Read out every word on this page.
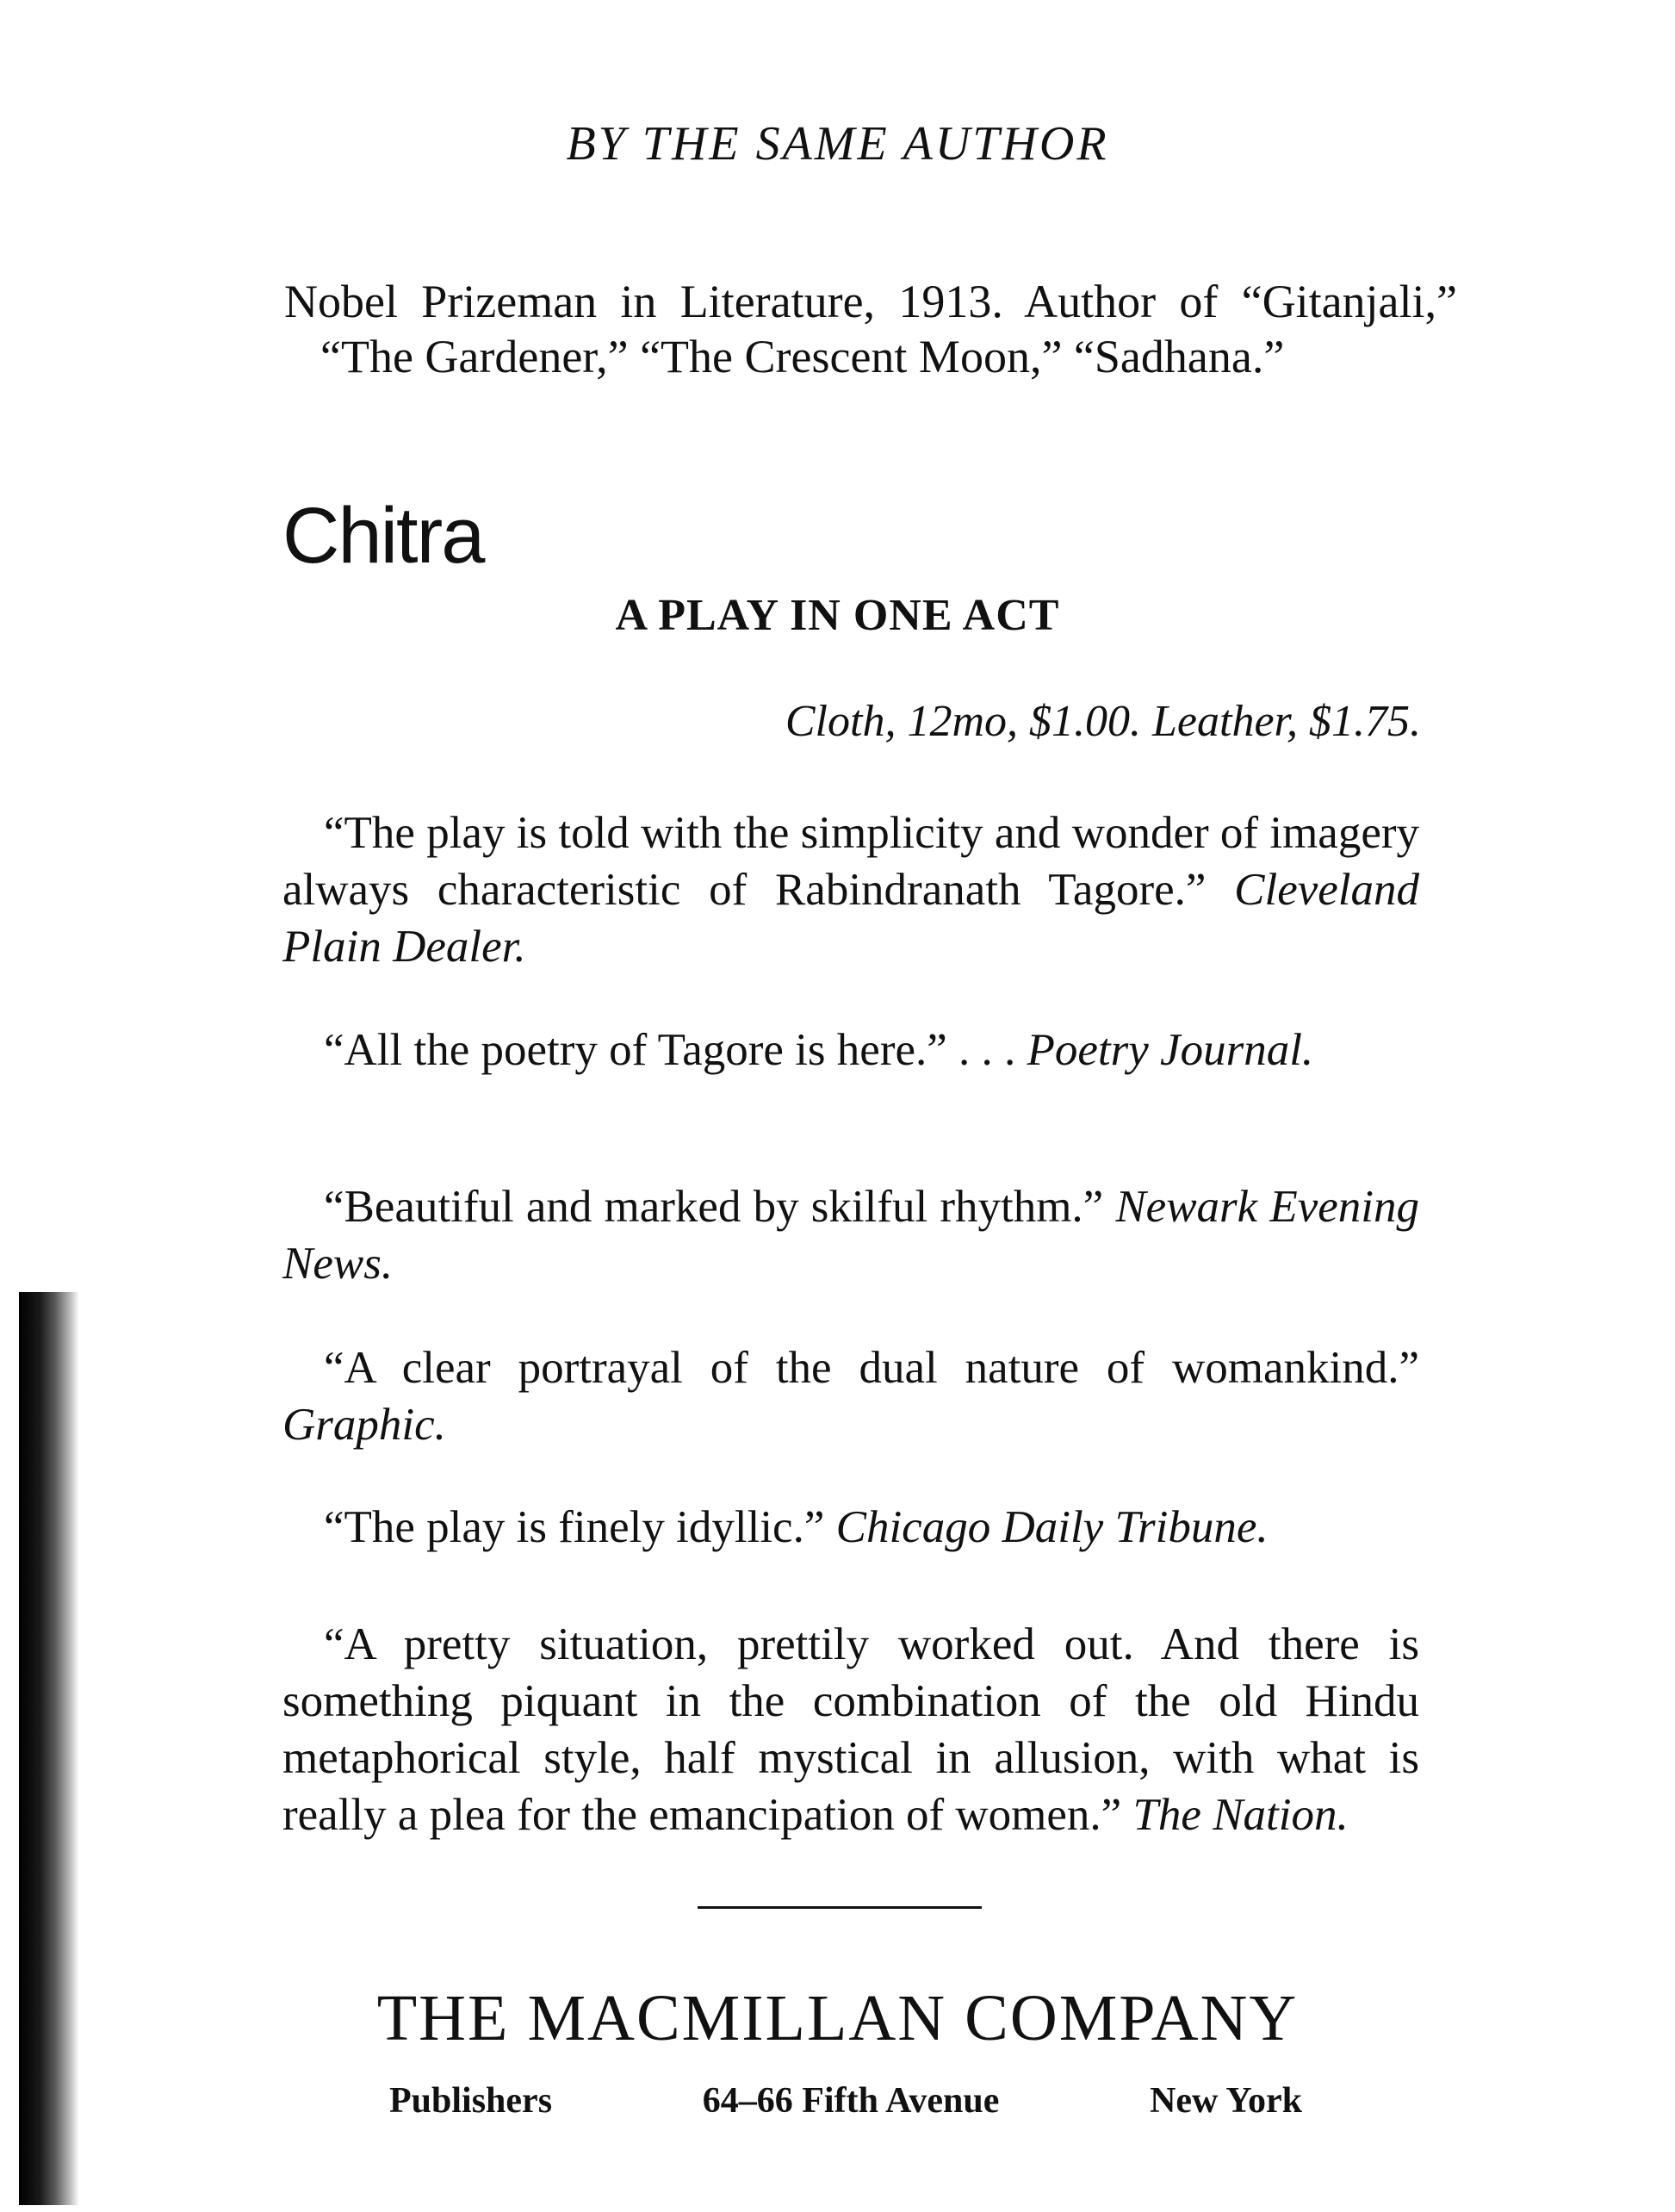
BY THE SAME AUTHOR
Nobel Prizeman in Literature, 1913. Author of “Gitanjali,” “The Gardener,” “The Crescent Moon,” “Sadhana.”
Chitra
A PLAY IN ONE ACT
Cloth, 12mo, $1.00. Leather, $1.75.

“The play is told with the simplicity and wonder of imagery always characteristic of Rabindranath Tagore.” Cleveland Plain Dealer.

“All the poetry of Tagore is here.” . . . Poetry Journal.

“Beautiful and marked by skilful rhythm.” Newark Evening News.

“A clear portrayal of the dual nature of womankind.” Graphic.

“The play is finely idyllic.” Chicago Daily Tribune.

“A pretty situation, prettily worked out. And there is something piquant in the combination of the old Hindu metaphorical style, half mystical in allusion, with what is really a plea for the emancipation of women.” The Nation.

THE MACMILLAN COMPANY
Publishers	64–66 Fifth Avenue	New York
